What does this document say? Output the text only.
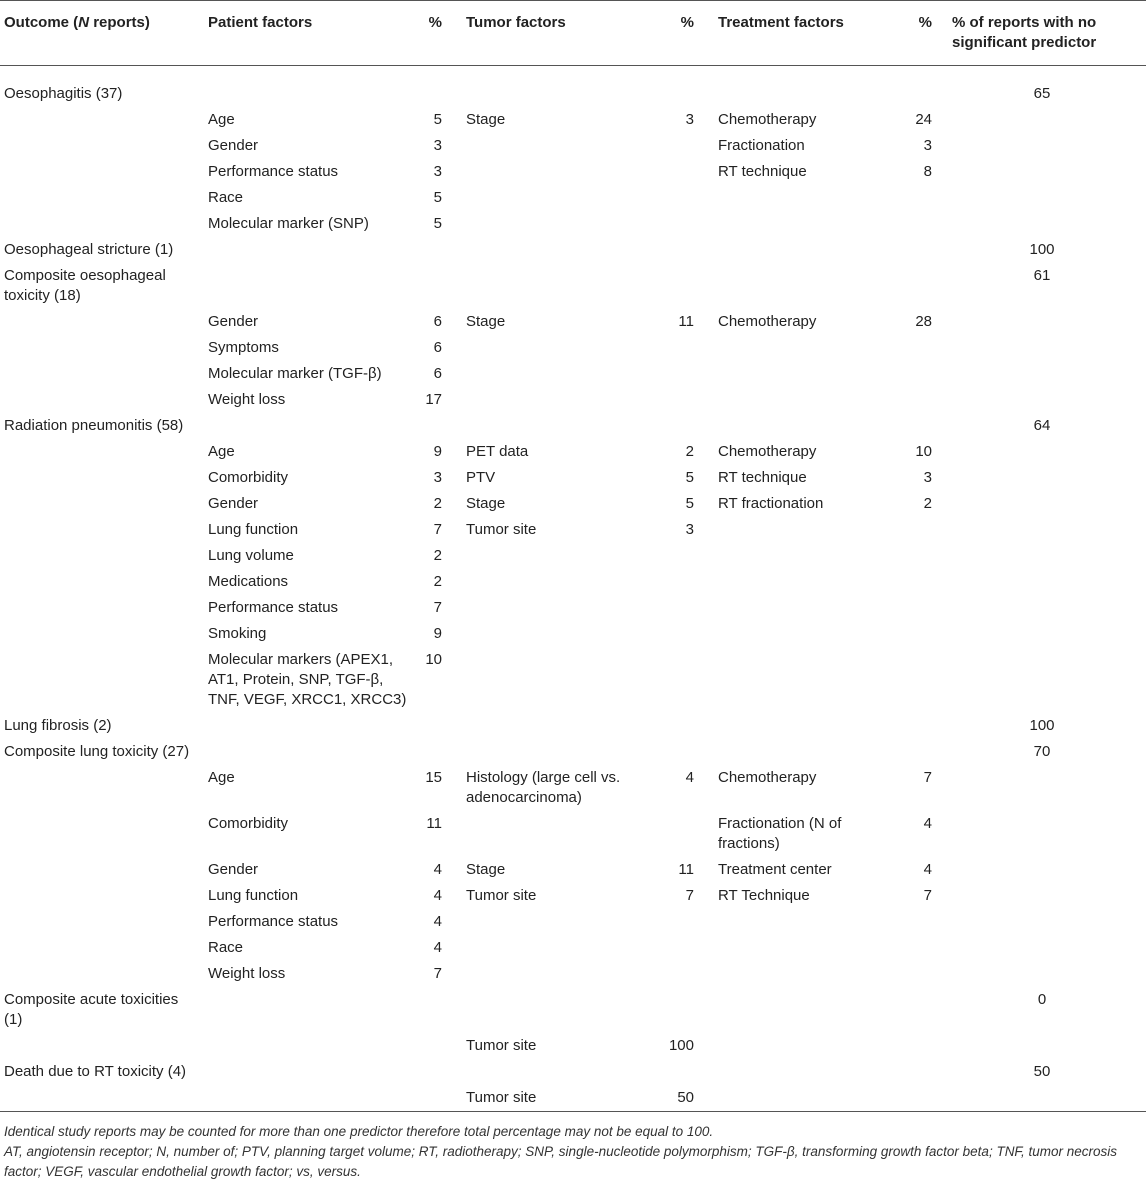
Outcome (N reports)	Patient factors	%	Tumor factors	%	Treatment factors	%	% of reports with no significant predictor
Oesophagitis (37)							65
	Age	5	Stage	3	Chemotherapy	24	
	Gender	3			Fractionation	3	
	Performance status	3			RT technique	8	
	Race	5					
	Molecular marker (SNP)	5					
Oesophageal stricture (1)							100
Composite oesophageal toxicity (18)							61
	Gender	6	Stage	11	Chemotherapy	28	
	Symptoms	6					
	Molecular marker (TGF-β)	6					
	Weight loss	17					
Radiation pneumonitis (58)							64
	Age	9	PET data	2	Chemotherapy	10	
	Comorbidity	3	PTV	5	RT technique	3	
	Gender	2	Stage	5	RT fractionation	2	
	Lung function	7	Tumor site	3			
	Lung volume	2					
	Medications	2					
	Performance status	7					
	Smoking	9					
	Molecular markers (APEX1, AT1, Protein, SNP, TGF-β, TNF, VEGF, XRCC1, XRCC3)	10					
Lung fibrosis (2)							100
Composite lung toxicity (27)							70
	Age	15	Histology (large cell vs. adenocarcinoma)	4	Chemotherapy	7	
	Comorbidity	11			Fractionation (N of fractions)	4	
	Gender	4	Stage	11	Treatment center	4	
	Lung function	4	Tumor site	7	RT Technique	7	
	Performance status	4					
	Race	4					
	Weight loss	7					
Composite acute toxicities (1)							0
			Tumor site	100			
Death due to RT toxicity (4)							50
			Tumor site	50			

Identical study reports may be counted for more than one predictor therefore total percentage may not be equal to 100.
AT, angiotensin receptor; N, number of; PTV, planning target volume; RT, radiotherapy; SNP, single-nucleotide polymorphism; TGF-β, transforming growth factor beta; TNF, tumor necrosis factor; VEGF, vascular endothelial growth factor; vs, versus.							
